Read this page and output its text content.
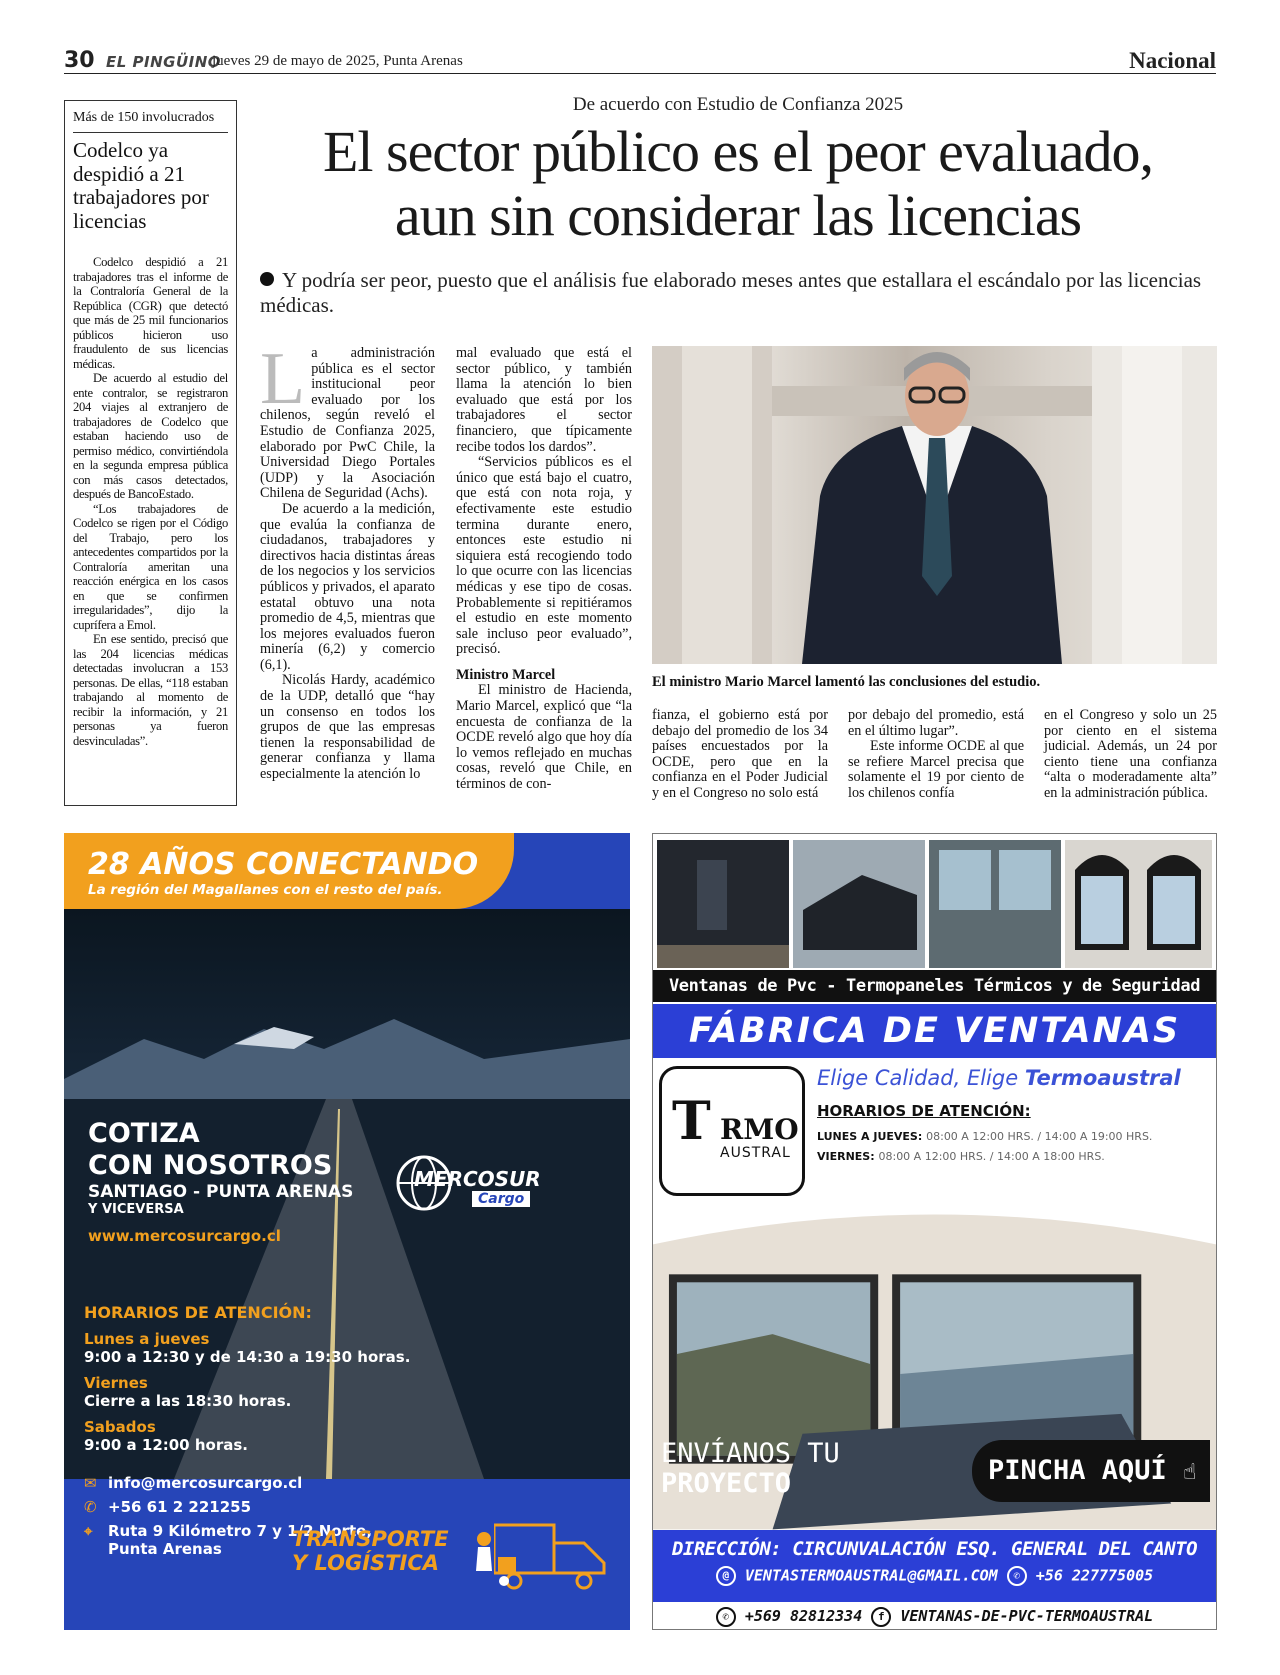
30 EL PINGÜINO
jueves 29 de mayo de 2025, Punta Arenas	Nacional
Más de 150 involucrados
Codelco ya despidió a 21 trabajadores por licencias

Codelco despidió a 21 trabajadores tras el informe de la Contraloría General de la República (CGR) que detectó que más de 25 mil funcionarios públicos hicieron uso fraudulento de sus licencias médicas.

De acuerdo al estudio del ente contralor, se registraron 204 viajes al extranjero de trabajadores de Codelco que estaban haciendo uso de permiso médico, convirtiéndola en la segunda empresa pública con más casos detectados, después de BancoEstado.

“Los trabajadores de Codelco se rigen por el Código del Trabajo, pero los antecedentes compartidos por la Contraloría ameritan una reacción enérgica en los casos en que se confirmen irregularidades”, dijo la cuprífera a Emol.

En ese sentido, precisó que las 204 licencias médicas detectadas involucran a 153 personas. De ellas, “118 estaban trabajando al momento de recibir la información, y 21 personas ya fueron desvinculadas”.

De acuerdo con Estudio de Confianza 2025
El sector público es el peor evaluado,
aun sin considerar las licencias
Y podría ser peor, puesto que el análisis fue elaborado meses antes que estallara el escándalo por las licencias médicas.
L a administración pública es el sector institucional peor evaluado por los chilenos, según reveló el Estudio de Confianza 2025, elaborado por PwC Chile, la Universidad Diego Portales (UDP) y la Asociación Chilena de Seguridad (Achs).

De acuerdo a la medición, que evalúa la confianza de ciudadanos, trabajadores y directivos hacia distintas áreas de los negocios y los servicios públicos y privados, el aparato estatal obtuvo una nota promedio de 4,5, mientras que los mejores evaluados fueron minería (6,2) y comercio (6,1).

Nicolás Hardy, académico de la UDP, detalló que “hay un consenso en todos los grupos de que las empresas tienen la responsabilidad de generar confianza y llama especialmente la atención lo

mal evaluado que está el sector público, y también llama la atención lo bien evaluado que está por los trabajadores el sector financiero, que típicamente recibe todos los dardos”.

“Servicios públicos es el único que está bajo el cuatro, que está con nota roja, y efectivamente este estudio termina durante enero, entonces este estudio ni siquiera está recogiendo todo lo que ocurre con las licencias médicas y ese tipo de cosas. Probablemente si repitiéramos el estudio en este momento sale incluso peor evaluado”, precisó.

Ministro Marcel

El ministro de Hacienda, Mario Marcel, explicó que “la encuesta de confianza de la OCDE reveló algo que hoy día lo vemos reflejado en muchas cosas, reveló que Chile, en términos de con-

El ministro Mario Marcel lamentó las conclusiones del estudio.

fianza, el gobierno está por debajo del promedio de los 34 países encuestados por la OCDE, pero que en la confianza en el Poder Judicial y en el Congreso no solo está

por debajo del promedio, está en el último lugar”.

Este informe OCDE al que se refiere Marcel precisa que solamente el 19 por ciento de los chilenos confía

en el Congreso y solo un 25 por ciento en el sistema judicial. Además, un 24 por ciento tiene una confianza “alta o moderadamente alta” en la administración pública.

28 AÑOS CONECTANDO
La región del Magallanes con el resto del país.
COTIZA
CON NOSOTROS
SANTIAGO - PUNTA ARENAS
Y VICEVERSA
www.mercosurcargo.cl
MERCOSUR
Cargo
HORARIOS DE ATENCIÓN:
Lunes a jueves
9:00 a 12:30 y de 14:30 a 19:30 horas.
Viernes
Cierre a las 18:30 horas.
Sabados
9:00 a 12:00 horas.
✉ info@mercosurcargo.cl
✆ +56 61 2 221255
⌖	Ruta 9 Kilómetro 7 y 1/2 Norte,
Punta Arenas	TRANSPORTE
Y LOGÍSTICA
Ventanas de Pvc - Termopaneles Térmicos y de Seguridad
FÁBRICA DE VENTANAS
T RMO
AUSTRAL
Elige Calidad, Elige Termoaustral
HORARIOS DE ATENCIÓN:
LUNES A JUEVES: 08:00 A 12:00 HRS. / 14:00 A 19:00 HRS.
VIERNES: 08:00 A 12:00 HRS. / 14:00 A 18:00 HRS.
ENVÍANOS TU
PROYECTO	PINCHA AQUÍ ☝
DIRECCIÓN: CIRCUNVALACIÓN ESQ. GENERAL DEL CANTO
@ VENTASTERMOAUSTRAL@GMAIL.COM ✆ +56 227775005
✆ +569 82812334 f VENTANAS-DE-PVC-TERMOAUSTRAL
